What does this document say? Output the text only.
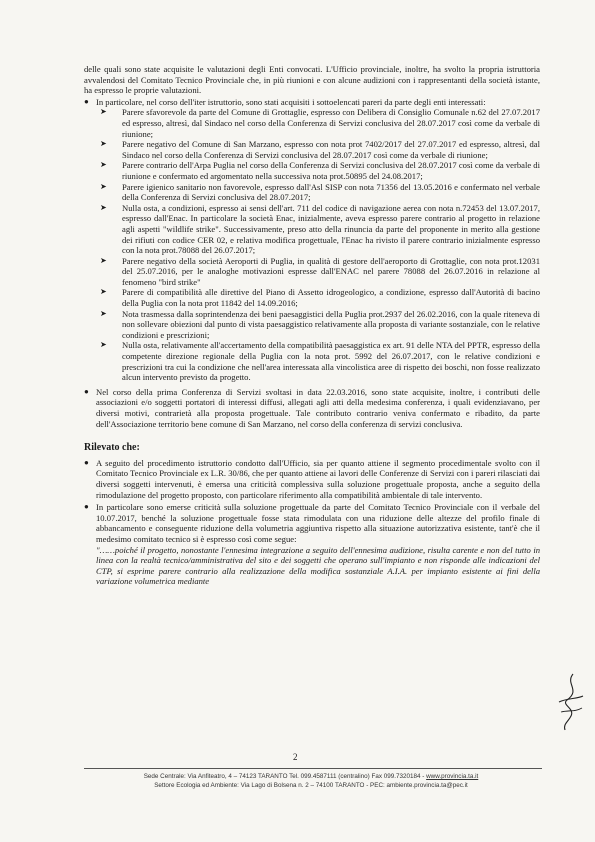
delle quali sono state acquisite le valutazioni degli Enti convocati. L'Ufficio provinciale, inoltre, ha svolto la propria istruttoria avvalendosi del Comitato Tecnico Provinciale che, in più riunioni e con alcune audizioni con i rappresentanti della società istante, ha espresso le proprie valutazioni.

● In particolare, nel corso dell'iter istruttorio, sono stati acquisiti i sottoelencati pareri da parte degli enti interessati:

➤ Parere sfavorevole da parte del Comune di Grottaglie, espresso con Delibera di Consiglio Comunale n.62 del 27.07.2017 ed espresso, altresì, dal Sindaco nel corso della Conferenza di Servizi conclusiva del 28.07.2017 così come da verbale di riunione;

➤ Parere negativo del Comune di San Marzano, espresso con nota prot 7402/2017 del 27.07.2017 ed espresso, altresì, dal Sindaco nel corso della Conferenza di Servizi conclusiva del 28.07.2017 così come da verbale di riunione;

➤ Parere contrario dell'Arpa Puglia nel corso della Conferenza di Servizi conclusiva del 28.07.2017 così come da verbale di riunione e confermato ed argomentato nella successiva nota prot.50895 del 24.08.2017;

➤ Parere igienico sanitario non favorevole, espresso dall'Asl SISP con nota 71356 del 13.05.2016 e confermato nel verbale della Conferenza di Servizi conclusiva del 28.07.2017;

➤ Nulla osta, a condizioni, espresso ai sensi dell'art. 711 del codice di navigazione aerea con nota n.72453 del 13.07.2017, espresso dall'Enac. In particolare la società Enac, inizialmente, aveva espresso parere contrario al progetto in relazione agli aspetti "wildlife strike". Successivamente, preso atto della rinuncia da parte del proponente in merito alla gestione dei rifiuti con codice CER 02, e relativa modifica progettuale, l'Enac ha rivisto il parere contrario inizialmente espresso con la nota prot.78088 del 26.07.2017;

➤ Parere negativo della società Aeroporti di Puglia, in qualità di gestore dell'aeroporto di Grottaglie, con nota prot.12031 del 25.07.2016, per le analoghe motivazioni espresse dall'ENAC nel parere 78088 del 26.07.2016 in relazione al fenomeno "bird strike"

➤ Parere di compatibilità alle direttive del Piano di Assetto idrogeologico, a condizione, espresso dall'Autorità di bacino della Puglia con la nota prot 11842 del 14.09.2016;

➤ Nota trasmessa dalla soprintendenza dei beni paesaggistici della Puglia prot.2937 del 26.02.2016, con la quale riteneva di non sollevare obiezioni dal punto di vista paesaggistico relativamente alla proposta di variante sostanziale, con le relative condizioni e prescrizioni;

➤ Nulla osta, relativamente all'accertamento della compatibilità paesaggistica ex art. 91 delle NTA del PPTR, espresso della competente direzione regionale della Puglia con la nota prot. 5992 del 26.07.2017, con le relative condizioni e prescrizioni tra cui la condizione che nell'area interessata alla vincolistica aree di rispetto dei boschi, non fosse realizzato alcun intervento previsto da progetto.

● Nel corso della prima Conferenza di Servizi svoltasi in data 22.03.2016, sono state acquisite, inoltre, i contributi delle associazioni e/o soggetti portatori di interessi diffusi, allegati agli atti della medesima conferenza, i quali evidenziavano, per diversi motivi, contrarietà alla proposta progettuale. Tale contributo contrario veniva confermato e ribadito, da parte dell'Associazione territorio bene comune di San Marzano, nel corso della conferenza di servizi conclusiva.

Rilevato che:

● A seguito del procedimento istruttorio condotto dall'Ufficio, sia per quanto attiene il segmento procedimentale svolto con il Comitato Tecnico Provinciale ex L.R. 30/86, che per quanto attiene ai lavori delle Conferenze di Servizi con i pareri rilasciati dai diversi soggetti intervenuti, è emersa una criticità complessiva sulla soluzione progettuale proposta, anche a seguito della rimodulazione del progetto proposto, con particolare riferimento alla compatibilità ambientale di tale intervento.

● In particolare sono emerse criticità sulla soluzione progettuale da parte del Comitato Tecnico Provinciale con il verbale del 10.07.2017, benché la soluzione progettuale fosse stata rimodulata con una riduzione delle altezze del profilo finale di abbancamento e conseguente riduzione della volumetria aggiuntiva rispetto alla situazione autorizzativa esistente, tant'è che il medesimo comitato tecnico si è espresso così come segue:

"……poiché il progetto, nonostante l'ennesima integrazione a seguito dell'ennesima audizione, risulta carente e non del tutto in linea con la realtà tecnico/amministrativa del sito e dei soggetti che operano sull'impianto e non risponde alle indicazioni del CTP, si esprime parere contrario alla realizzazione della modifica sostanziale A.I.A. per impianto esistente ai fini della variazione volumetrica mediante

2
Sede Centrale: Via Anfiteatro, 4 – 74123 TARANTO Tel. 099.4587111 (centralino) Fax 099.7320184 - www.provincia.ta.it
Settore Ecologia ed Ambiente: Via Lago di Bolsena n. 2 – 74100 TARANTO - PEC: ambiente.provincia.ta@pec.it
